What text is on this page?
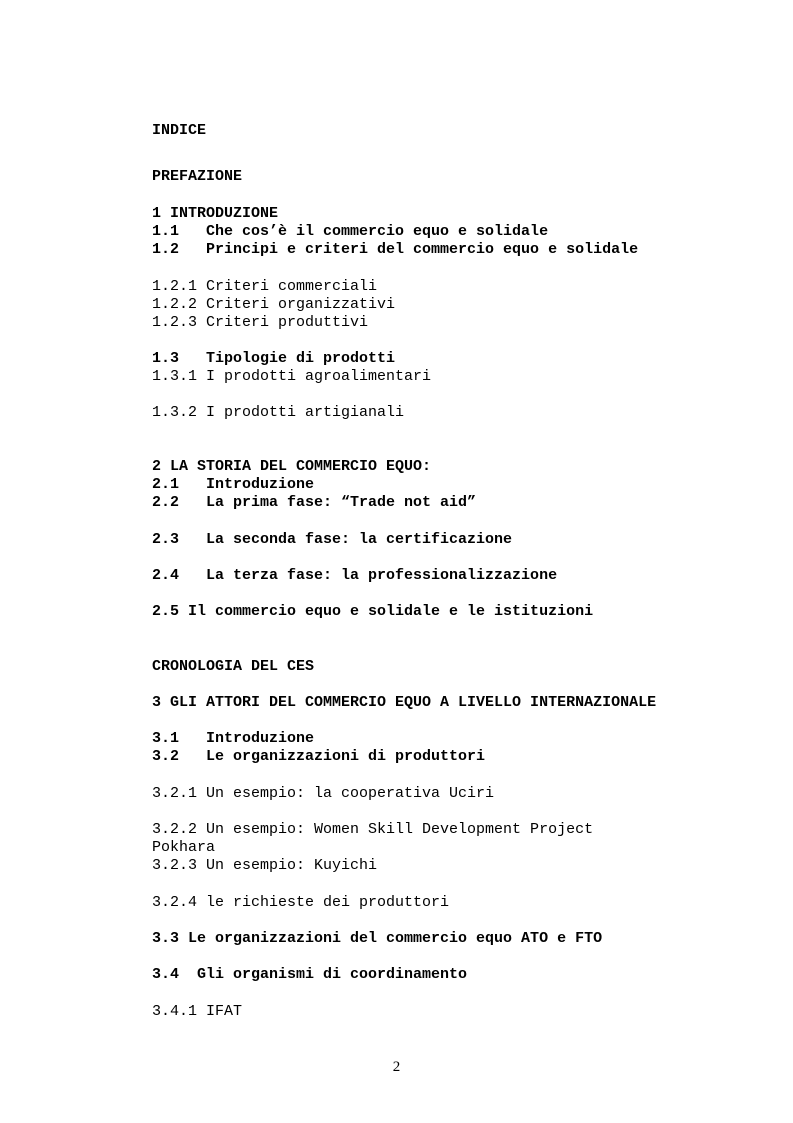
INDICE
PREFAZIONE
1 INTRODUZIONE
1.1   Che cos’è il commercio equo e solidale
1.2   Principi e criteri del commercio equo e solidale
1.2.1 Criteri commerciali
1.2.2 Criteri organizzativi
1.2.3 Criteri produttivi
1.3   Tipologie di prodotti
1.3.1 I prodotti agroalimentari
1.3.2 I prodotti artigianali
2 LA STORIA DEL COMMERCIO EQUO:
2.1   Introduzione
2.2   La prima fase: “Trade not aid”
2.3   La seconda fase: la certificazione
2.4   La terza fase: la professionalizzazione
2.5 Il commercio equo e solidale e le istituzioni
CRONOLOGIA DEL CES
3 GLI ATTORI DEL COMMERCIO EQUO A LIVELLO INTERNAZIONALE
3.1   Introduzione
3.2   Le organizzazioni di produttori
3.2.1 Un esempio: la cooperativa Uciri
3.2.2 Un esempio: Women Skill Development Project
Pokhara
3.2.3 Un esempio: Kuyichi
3.2.4 le richieste dei produttori
3.3 Le organizzazioni del commercio equo ATO e FTO
3.4  Gli organismi di coordinamento
3.4.1 IFAT
2
